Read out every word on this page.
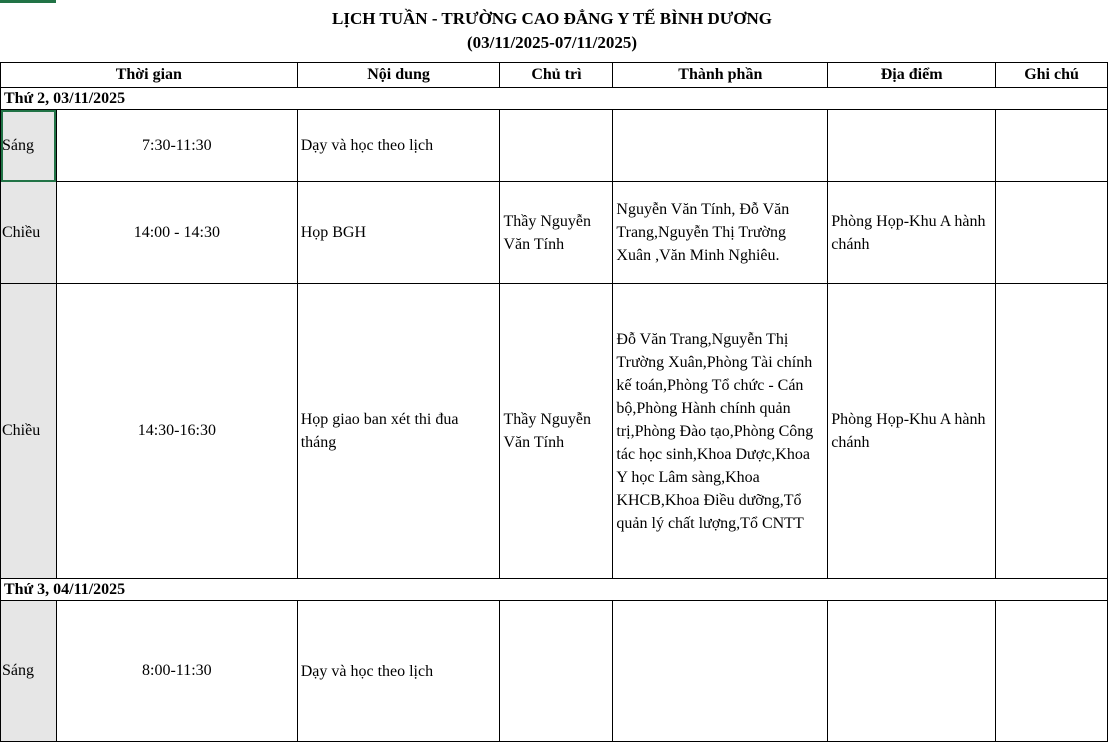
LỊCH TUẦN - TRƯỜNG CAO ĐẲNG Y TẾ BÌNH DƯƠNG
(03/11/2025-07/11/2025)
Thời gian		Nội dung	Chủ trì	Thành phần	Địa điểm	Ghi chú
Thứ 2, 03/11/2025						
Sáng	7:30-11:30	Dạy và học theo lịch				
Chiều	14:00 - 14:30	Họp BGH	Thầy Nguyễn Văn Tính	Nguyễn Văn Tính, Đỗ Văn Trang,Nguyễn Thị Trường Xuân ,Văn Minh Nghiêu.	Phòng Họp-Khu A hành chánh	
Chiều	14:30-16:30	Họp giao ban xét thi đua tháng	Thầy Nguyễn Văn Tính	Đỗ Văn Trang,Nguyễn Thị Trường Xuân,Phòng Tài chính kế toán,Phòng Tổ chức - Cán bộ,Phòng Hành chính quản trị,Phòng Đào tạo,Phòng Công tác học sinh,Khoa Dược,Khoa Y học Lâm sàng,Khoa KHCB,Khoa Điều dưỡng,Tổ quản lý chất lượng,Tổ CNTT	Phòng Họp-Khu A hành chánh	
Thứ 3, 04/11/2025						
Sáng	8:00-11:30	Dạy và học theo lịch				
